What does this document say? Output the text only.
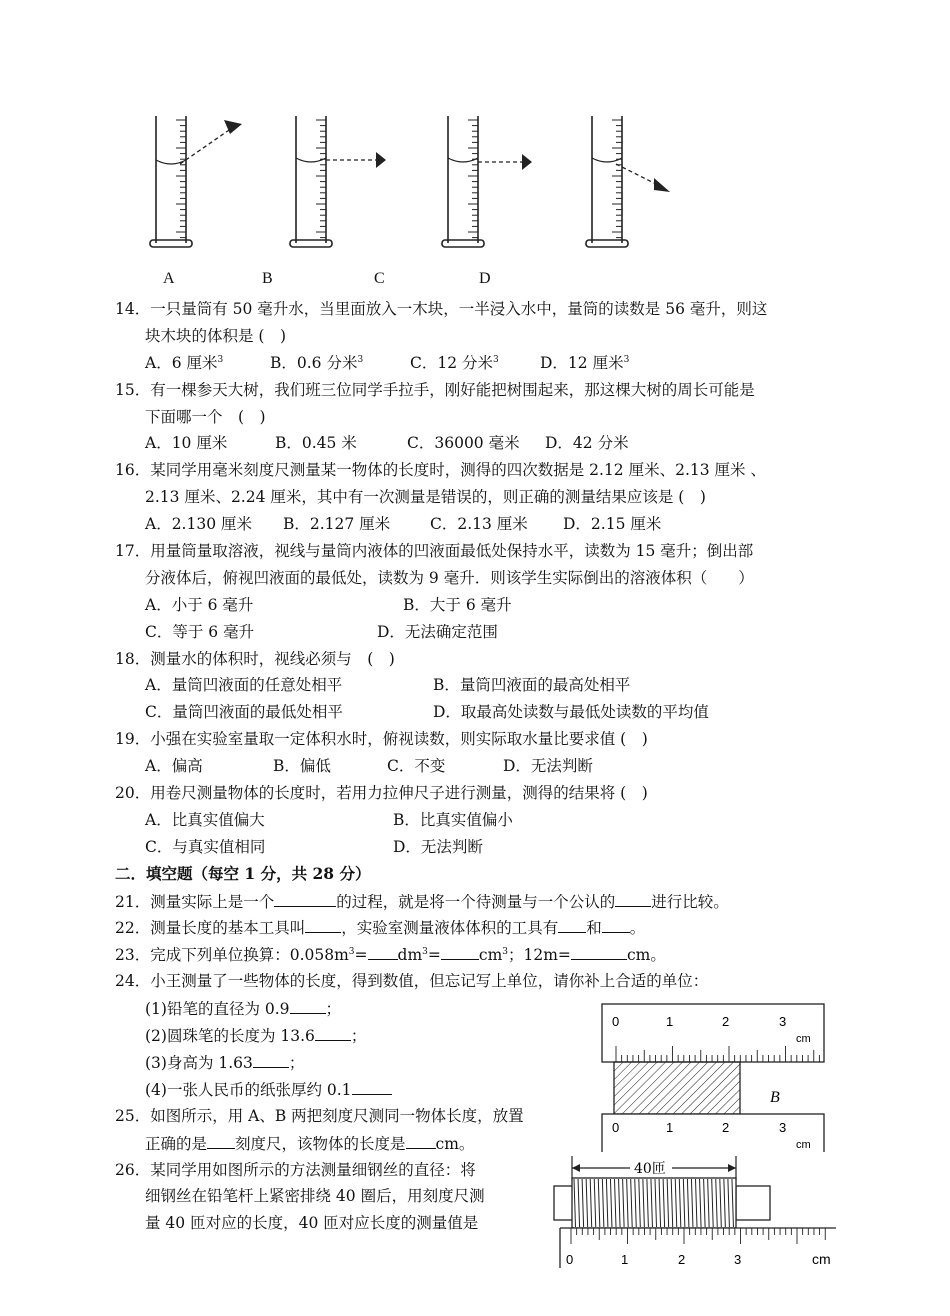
A	B	C	D
14．一只量筒有 50 毫升水，当里面放入一木块，一半浸入水中，量筒的读数是 56 毫升，则这
块木块的体积是 (　)
A．6 厘米$^3$	B．0.6 分米$^3$	C．12 分米$^3$	D．12 厘米$^3$
15．有一棵参天大树，我们班三位同学手拉手，刚好能把树围起来，那这棵大树的周长可能是
下面哪一个　(　)
A．10 厘米	B．0.45 米	C．36000 毫米 D．42 分米
16．某同学用毫米刻度尺测量某一物体的长度时，测得的四次数据是 2.12 厘米、2.13 厘米 、
2.13 厘米、2.24 厘米，其中有一次测量是错误的，则正确的测量结果应该是 (　)
A．2.130 厘米 B．2.127 厘米	C．2.13 厘米 D．2.15 厘米
17．用量筒量取溶液，视线与量筒内液体的凹液面最低处保持水平，读数为 15 毫升；倒出部
分液体后，俯视凹液面的最低处，读数为 9 毫升．则该学生实际倒出的溶液体积（　　）
A．小于 6 毫升	B．大于 6 毫升
C．等于 6 毫升	D．无法确定范围
18．测量水的体积时，视线必须与　(　)
A．量筒凹液面的任意处相平	B．量筒凹液面的最高处相平
C．量筒凹液面的最低处相平	D．取最高处读数与最低处读数的平均值
19．小强在实验室量取一定体积水时，俯视读数，则实际取水量比要求值 (　)
A．偏高	B．偏低	C．不变	D．无法判断
20．用卷尺测量物体的长度时，若用力拉伸尺子进行测量，测得的结果将 (　)
A．比真实值偏大	B．比真实值偏小
C．与真实值相同	D．无法判断
二．填空题（每空 1 分，共 28 分）
21．测量实际上是一个	的过程，就是将一个待测量与一个公认的 进行比较。
22．测量长度的基本工具叫 ，实验室测量液体体积的工具有 和 。
23．完成下列单位换算：$0.058m^3= dm^3= cm^3$；12m=	cm。
24．小王测量了一些物体的长度，得到数值，但忘记写上单位，请你补上合适的单位：
(1)铅笔的直径为 0.9 ；
(2)圆珠笔的长度为 13.6 ；
(3)身高为 1.63 ；
(4)一张人民币的纸张厚约 0.1
25．如图所示，用 A、B 两把刻度尺测同一物体长度，放置
正确的是 刻度尺，该物体的长度是 cm。
26．某同学用如图所示的方法测量细钢丝的直径：将
细钢丝在铅笔杆上紧密排绕 40 圈后，用刻度尺测
量 40 匝对应的长度，40 匝对应长度的测量值是
0	1	2	3
cm
B
0	1	2	3
cm
40匝
0	1	2	3	cm
